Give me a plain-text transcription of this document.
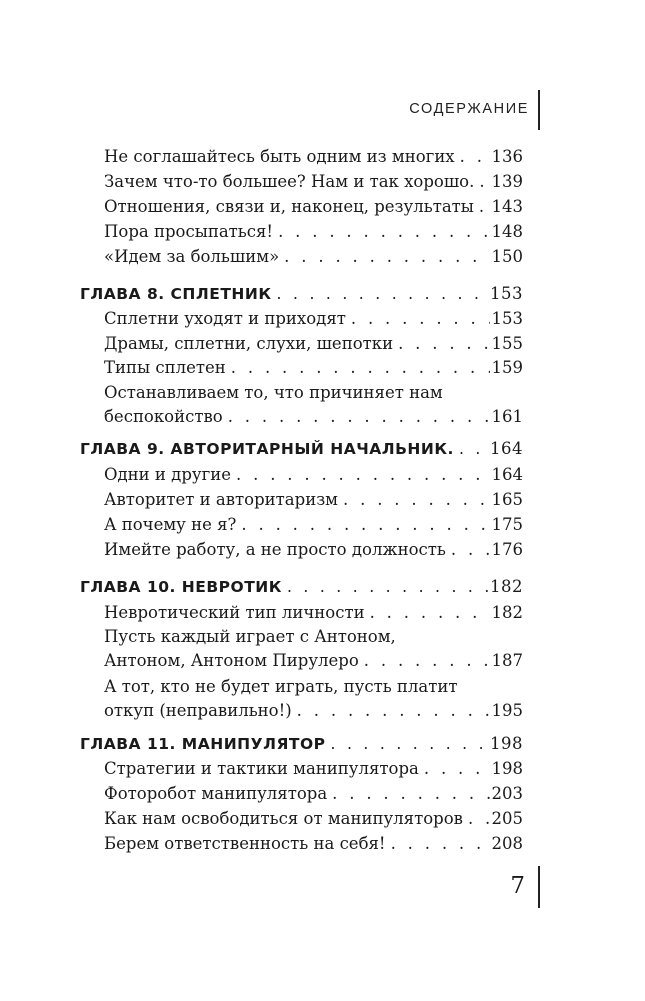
СОДЕРЖАНИЕ
Не соглашайтесь быть одним из многих . . . 136
Зачем что-то большее? Нам и так хорошо. . . . 139
Отношения, связи и, наконец, результаты . . . 143
Пора просыпаться! . . .	148
«Идем за большим» . . .	150
ГЛАВА 8. СПЛЕТНИК . . .	153
Сплетни уходят и приходят . . .	153
Драмы, сплетни, слухи, шепотки . . .	155
Типы сплетен . . .	159
Останавливаем то, что причиняет нам
беспокойство . . .	161
ГЛАВА 9. АВТОРИТАРНЫЙ НАЧАЛЬНИК. . . . 164
Одни и другие . . .	164
Авторитет и авторитаризм . . .	165
А почему не я? . . .	175
Имейте работу, а не просто должность . . .	176
ГЛАВА 10. НЕВРОТИК . . .	182
Невротический тип личности . . .	182
Пусть каждый играет с Антоном,
Антоном, Антоном Пирулеро . . .	187
А тот, кто не будет играть, пусть платит
откуп (неправильно!) . . .	195
ГЛАВА 11. МАНИПУЛЯТОР . . .	198
Стратегии и тактики манипулятора . . .	198
Фоторобот манипулятора . . .	203
Как нам освободиться от манипуляторов . . . 205
Берем ответственность на себя! . . .	208
7
